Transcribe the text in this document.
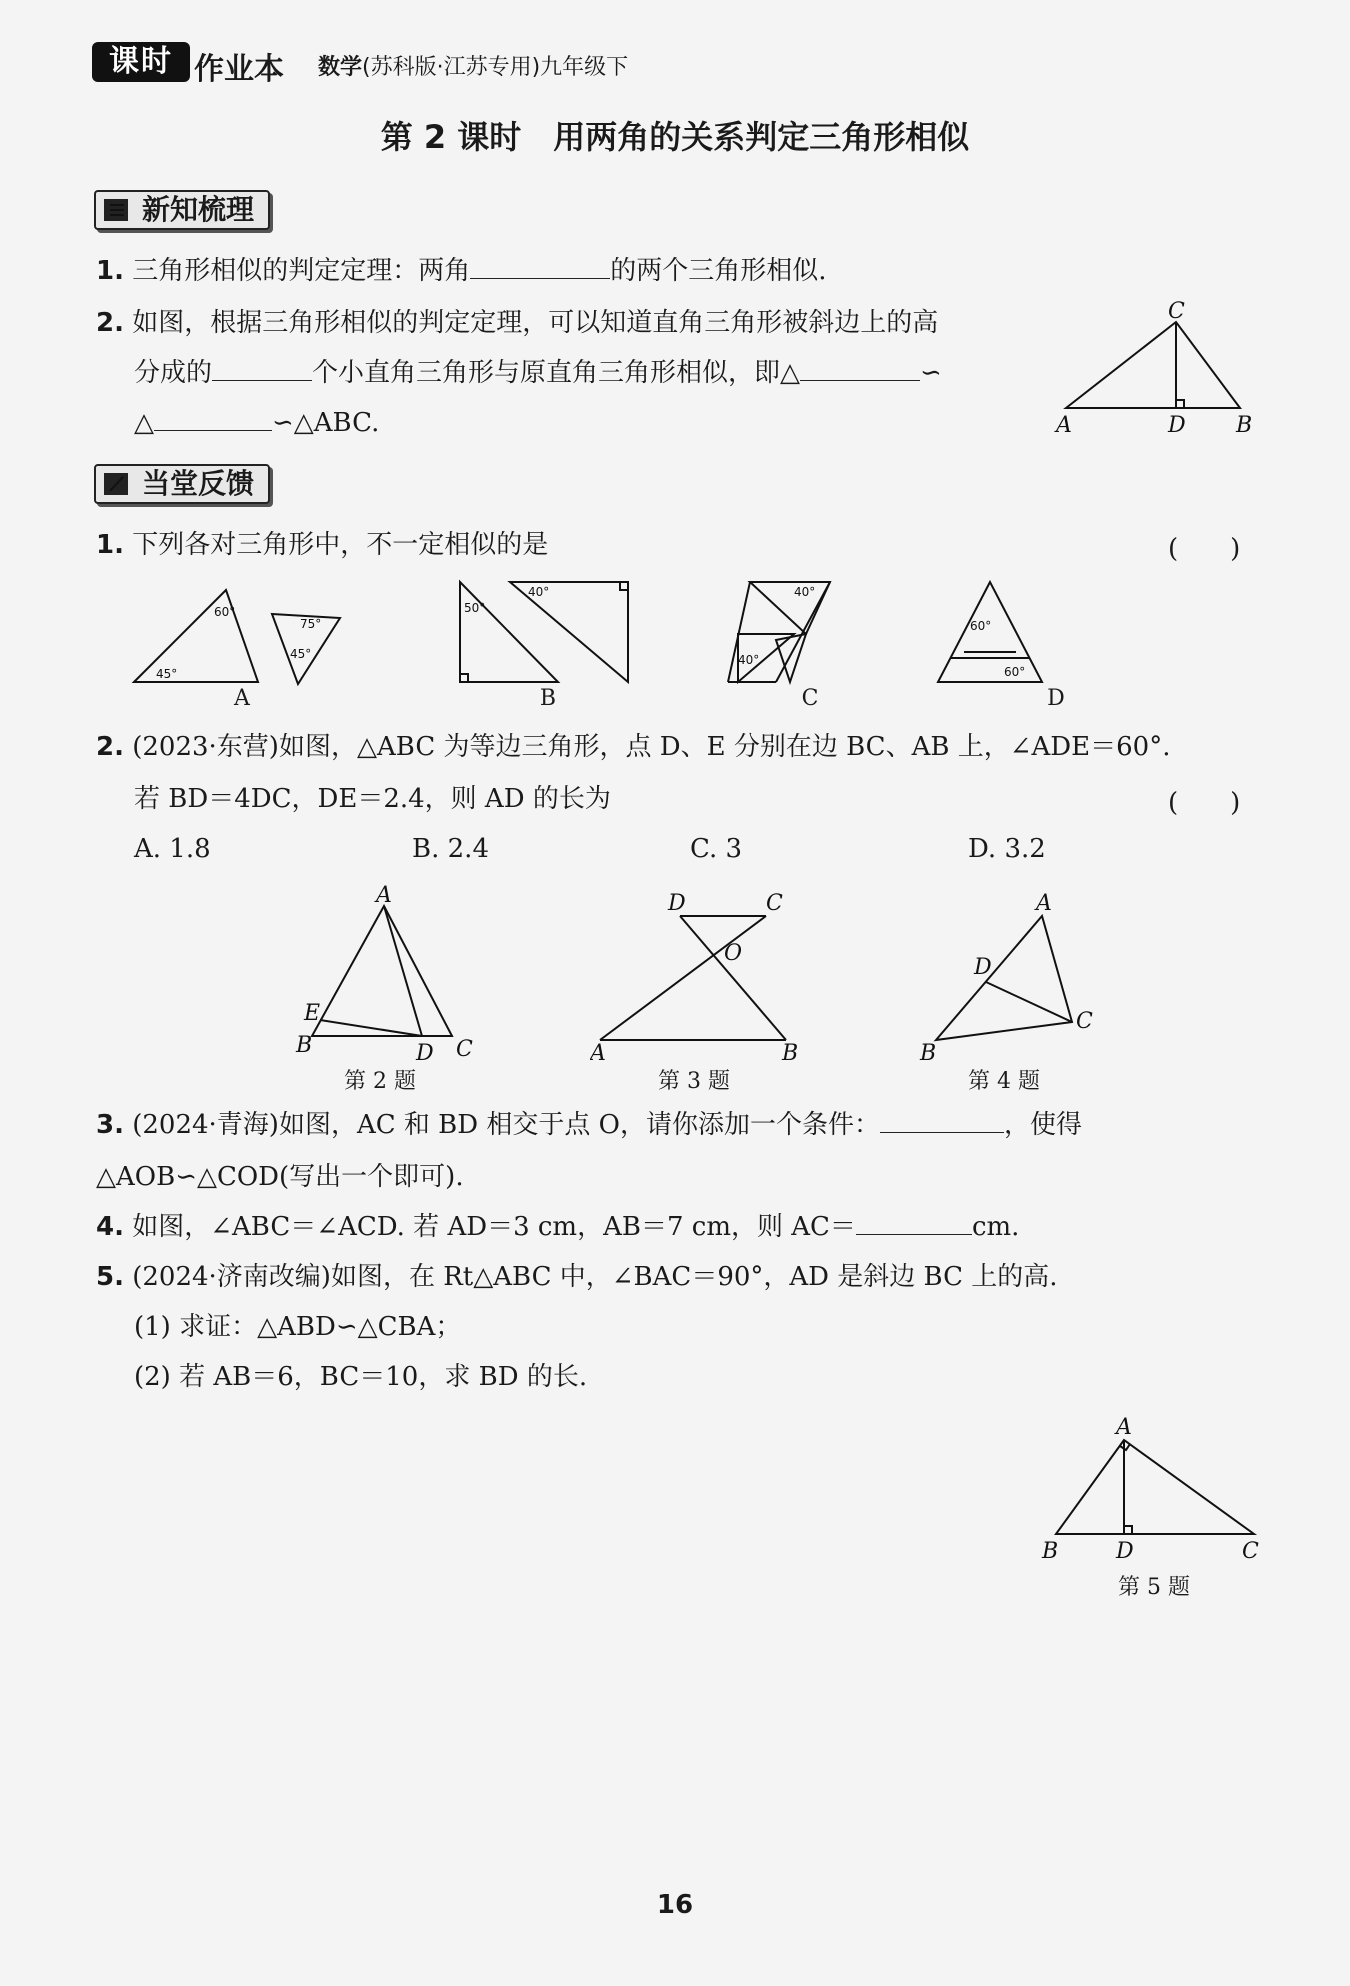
课时 作业本 数学(苏科版·江苏专用)九年级下
第 2 课时　用两角的关系判定三角形相似
新知梳理
1. 三角形相似的判定定理：两角	的两个三角形相似.
2. 如图，根据三角形相似的判定定理，可以知道直角三角形被斜边上的高
分成的	个小直角三角形与原直角三角形相似，即△	∽
△	∽△ABC.
C
A	D B
当堂反馈
1. 下列各对三角形中，不一定相似的是	(　　)
60°
45°
75°
45°
50°
40°	40°
40°
60°
60°
A	B	C	D
2. (2023·东营)如图，△ABC 为等边三角形，点 D、E 分别在边 BC、AB 上，∠ADE＝60°.
若 BD＝4DC，DE＝2.4，则 AD 的长为	(　　)
A. 1.8	B. 2.4	C. 3	D. 3.2
A
B
E
D C
第 2 题
D	C
O
A	B
第 3 题
A
D
C
B
第 4 题
3. (2024·青海)如图，AC 和 BD 相交于点 O，请你添加一个条件：	，使得
△AOB∽△COD(写出一个即可).
4. 如图，∠ABC＝∠ACD. 若 AD＝3 cm，AB＝7 cm，则 AC＝	cm.
5. (2024·济南改编)如图，在 Rt△ABC 中，∠BAC＝90°，AD 是斜边 BC 上的高.
(1) 求证：△ABD∽△CBA；
(2) 若 AB＝6，BC＝10，求 BD 的长.
A
B	D	C
第 5 题
16
